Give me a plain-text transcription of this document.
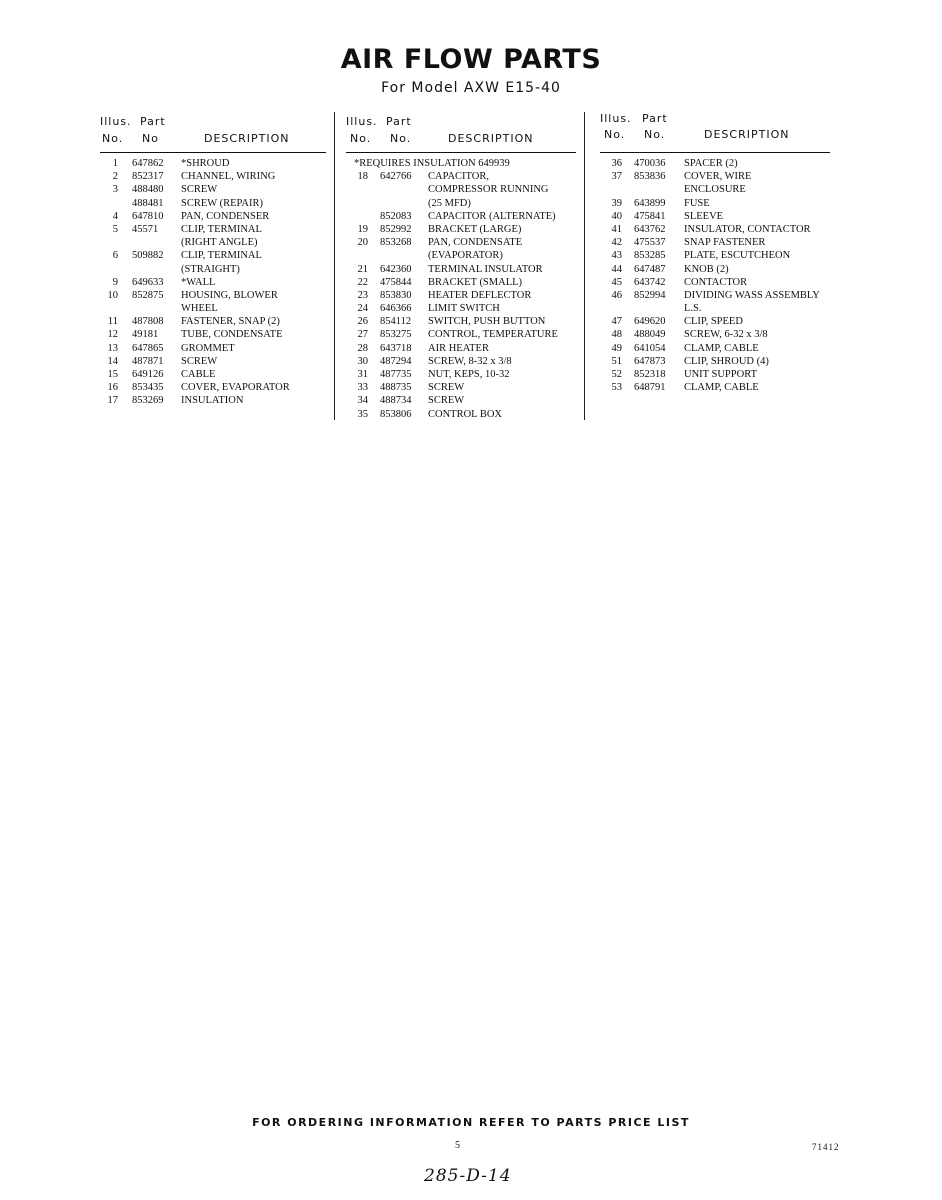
AIR FLOW PARTS
For Model AXW E15-40
Illus. Part
No. No	DESCRIPTION
1 647862	*SHROUD
2 852317	CHANNEL, WIRING
3 488480	SCREW
488481	SCREW (REPAIR)
4 647810	PAN, CONDENSER
5 45571	CLIP, TERMINAL
(RIGHT ANGLE)
6 509882	CLIP, TERMINAL
(STRAIGHT)
9 649633	*WALL
10 852875	HOUSING, BLOWER
WHEEL
11 487808	FASTENER, SNAP (2)
12 49181	TUBE, CONDENSATE
13 647865	GROMMET
14 487871	SCREW
15 649126	CABLE
16 853435	COVER, EVAPORATOR
17 853269	INSULATION
Illus. Part
No. No.	DESCRIPTION
*REQUIRES INSULATION 649939
18 642766	CAPACITOR,
COMPRESSOR RUNNING
(25 MFD)
852083	CAPACITOR (ALTERNATE)
19 852992	BRACKET (LARGE)
20 853268	PAN, CONDENSATE
(EVAPORATOR)
21 642360	TERMINAL INSULATOR
22 475844	BRACKET (SMALL)
23 853830	HEATER DEFLECTOR
24 646366	LIMIT SWITCH
26 854112	SWITCH, PUSH BUTTON
27 853275	CONTROL, TEMPERATURE
28 643718	AIR HEATER
30 487294	SCREW, 8-32 x 3/8
31 487735	NUT, KEPS, 10-32
33 488735	SCREW
34 488734	SCREW
35 853806	CONTROL BOX
Illus. Part
No. No.	DESCRIPTION
36 470036	SPACER (2)
37 853836	COVER, WIRE
ENCLOSURE
39 643899	FUSE
40 475841	SLEEVE
41 643762	INSULATOR, CONTACTOR
42 475537	SNAP FASTENER
43 853285	PLATE, ESCUTCHEON
44 647487	KNOB (2)
45 643742	CONTACTOR
46 852994	DIVIDING WASS ASSEMBLY
L.S.
47 649620	CLIP, SPEED
48 488049	SCREW, 6-32 x 3/8
49 641054	CLAMP, CABLE
51 647873	CLIP, SHROUD (4)
52 852318	UNIT SUPPORT
53 648791	CLAMP, CABLE
FOR ORDERING INFORMATION REFER TO PARTS PRICE LIST
5	71412
285-D-14
